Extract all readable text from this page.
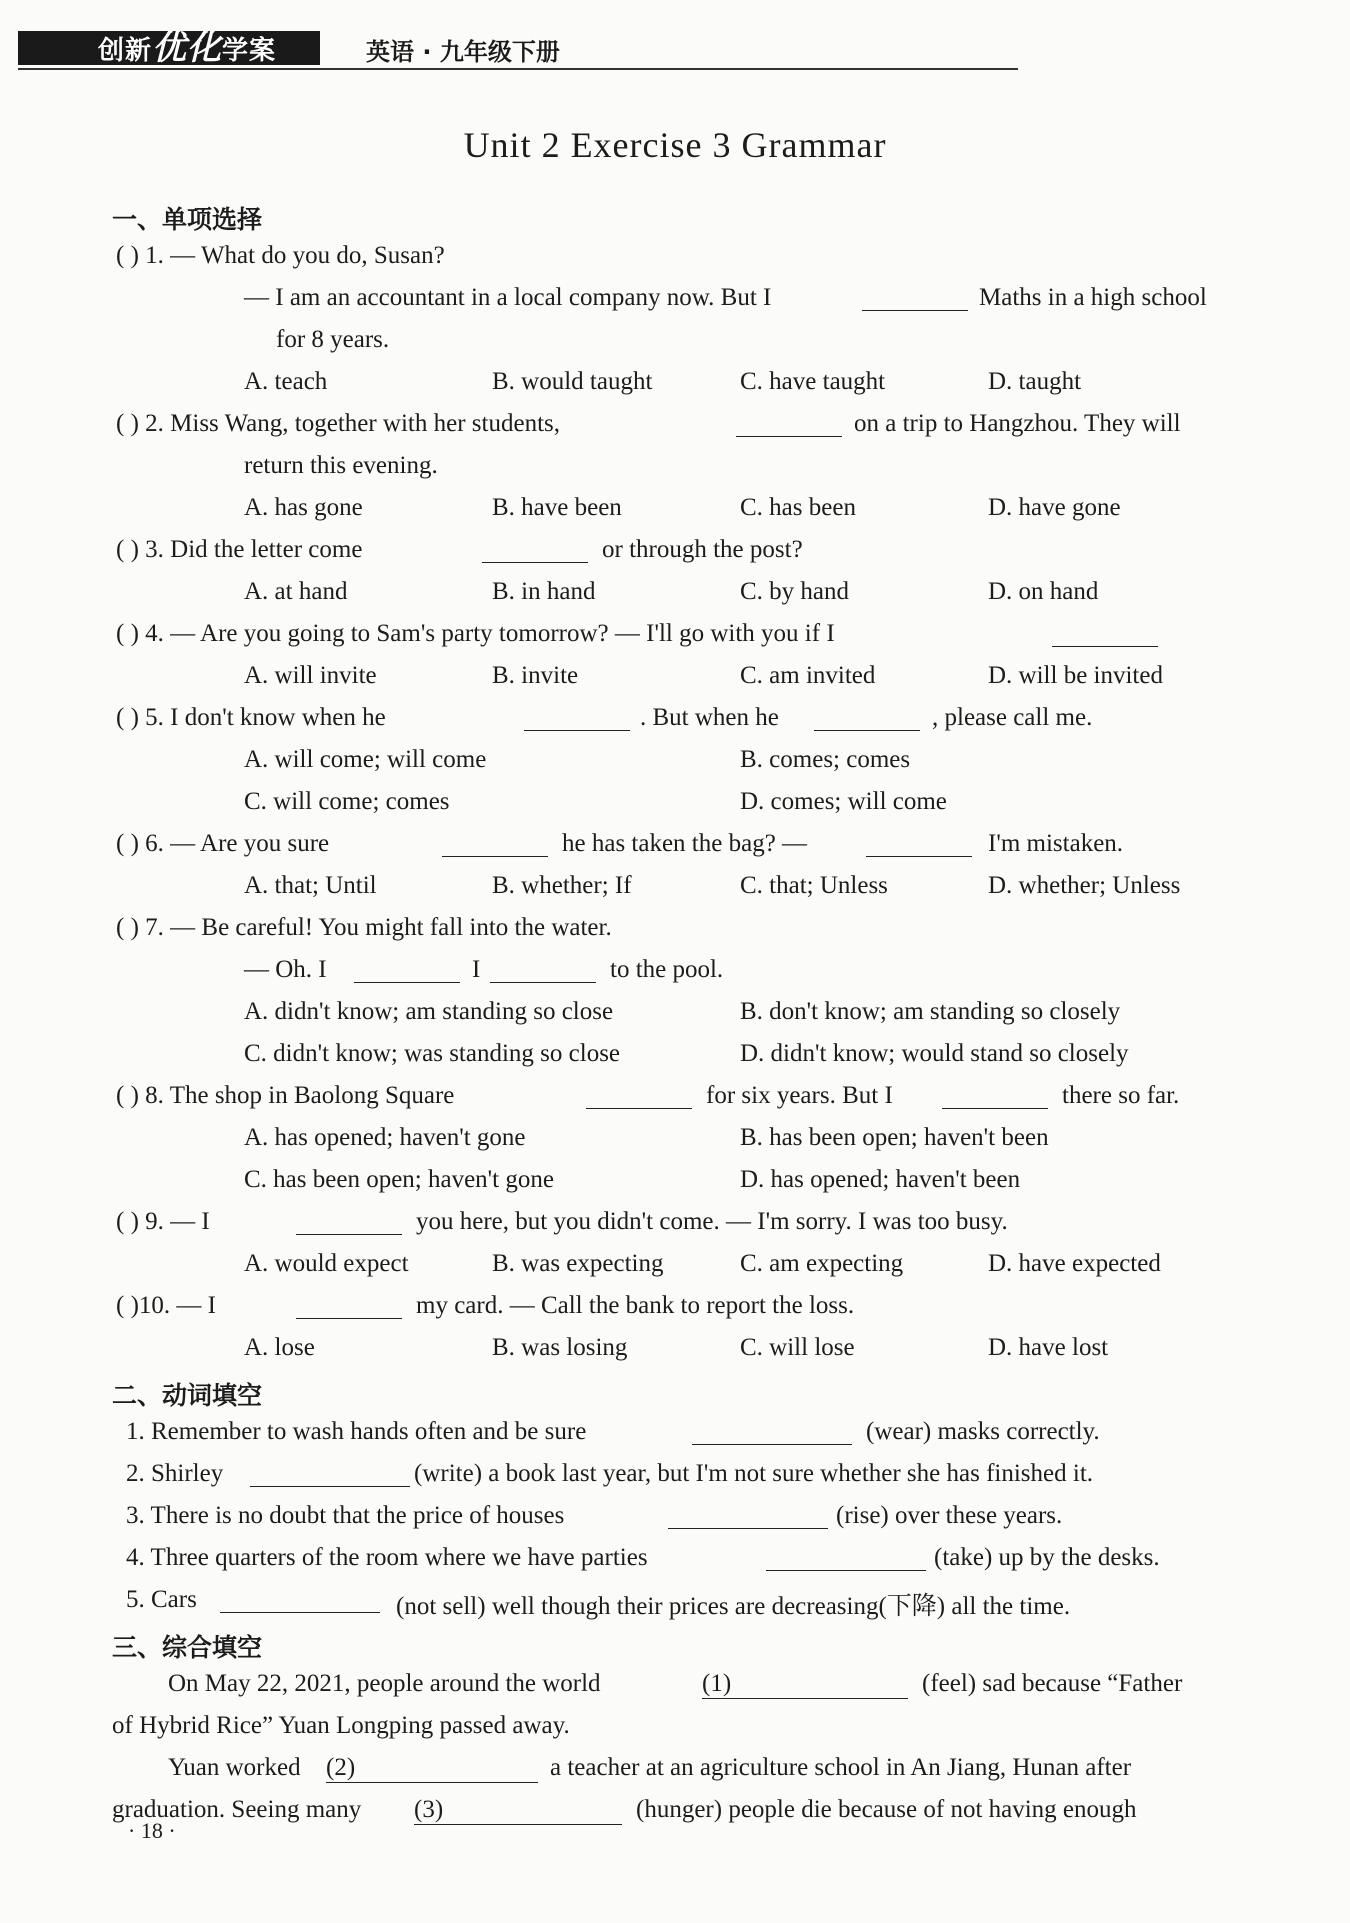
创新优化学案	英语 · 九年级下册
Unit 2 Exercise 3 Grammar
一、单项选择
二、动词填空
三、综合填空
( ) 1. — What do you do, Susan?
— I am an accountant in a local company now. But I	Maths in a high school
for 8 years.
A. teach	B. would taught	C. have taught	D. taught
( ) 2. Miss Wang, together with her students,	on a trip to Hangzhou. They will
return this evening.
A. has gone	B. have been	C. has been	D. have gone
( ) 3. Did the letter come	or through the post?
A. at hand	B. in hand	C. by hand	D. on hand
( ) 4. — Are you going to Sam's party tomorrow? — I'll go with you if I
A. will invite	B. invite	C. am invited	D. will be invited
( ) 5. I don't know when he	. But when he	, please call me.
A. will come; will come	B. comes; comes
C. will come; comes	D. comes; will come
( ) 6. — Are you sure	he has taken the bag? —	I'm mistaken.
A. that; Until	B. whether; If	C. that; Unless	D. whether; Unless
( ) 7. — Be careful! You might fall into the water.
— Oh. I	I	to the pool.
A. didn't know; am standing so close	B. don't know; am standing so closely
C. didn't know; was standing so close	D. didn't know; would stand so closely
( ) 8. The shop in Baolong Square	for six years. But I	there so far.
A. has opened; haven't gone	B. has been open; haven't been
C. has been open; haven't gone	D. has opened; haven't been
( ) 9. — I	you here, but you didn't come. — I'm sorry. I was too busy.
A. would expect	B. was expecting	C. am expecting	D. have expected
( )10. — I	my card. — Call the bank to report the loss.
A. lose	B. was losing	C. will lose	D. have lost
1. Remember to wash hands often and be sure	(wear) masks correctly.
2. Shirley	(write) a book last year, but I'm not sure whether she has finished it.
3. There is no doubt that the price of houses	(rise) over these years.
4. Three quarters of the room where we have parties	(take) up by the desks.
5. Cars	(not sell) well though their prices are decreasing(下降) all the time.
On May 22, 2021, people around the world	(feel) sad because “Father
of Hybrid Rice” Yuan Longping passed away.
Yuan worked	a teacher at an agriculture school in An Jiang, Hunan after
graduation. Seeing many	(hunger) people die because of not having enough
(1)
(2)
(3)
· 18 ·
